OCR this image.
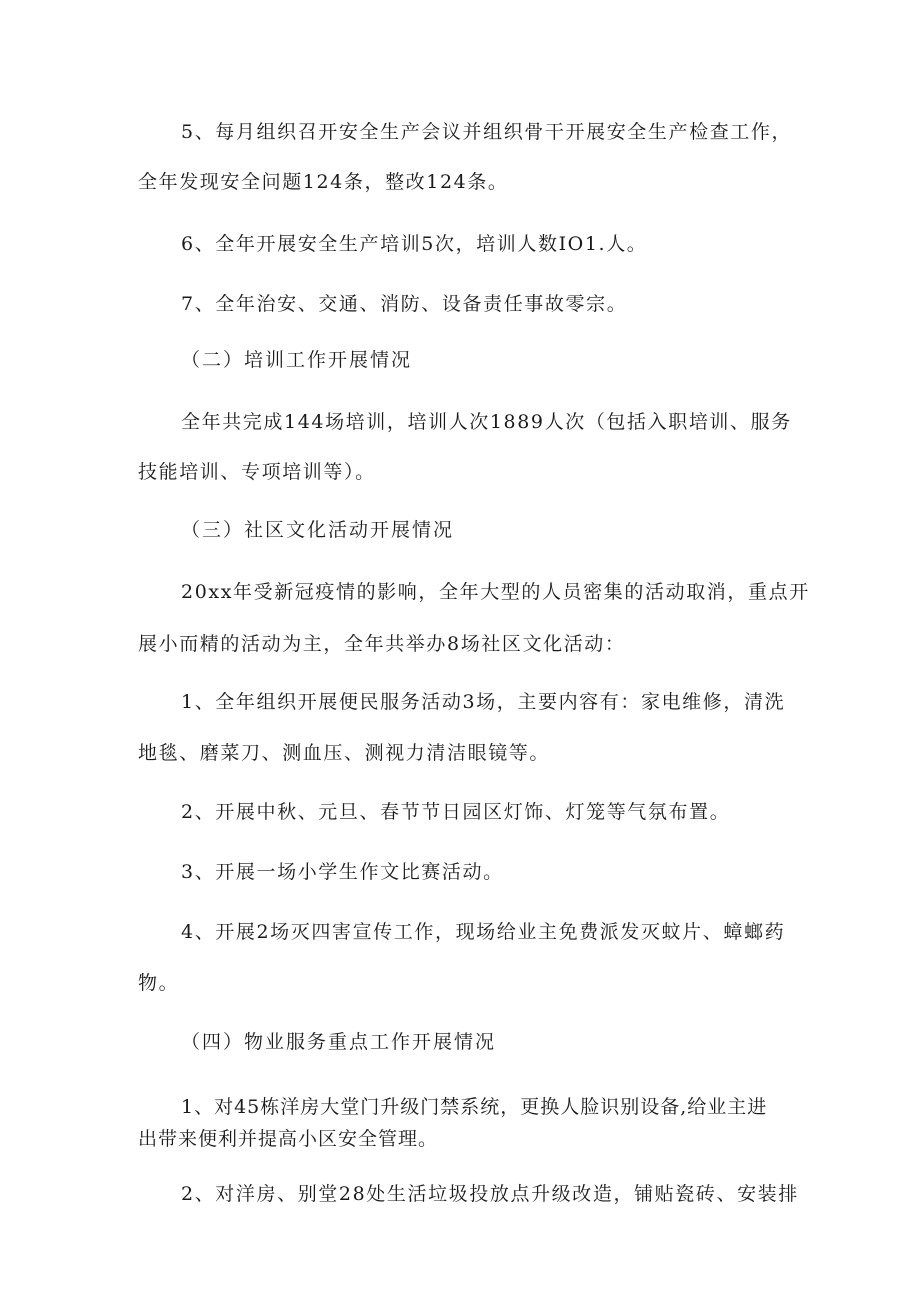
5、每月组织召开安全生产会议并组织骨干开展安全生产检查工作，

全年发现安全问题124条，整改124条。

6、全年开展安全生产培训5次，培训人数IO1.人。

7、全年治安、交通、消防、设备责任事故零宗。

（二）培训工作开展情况

全年共完成144场培训，培训人次1889人次（包括入职培训、服务

技能培训、专项培训等）。

（三）社区文化活动开展情况

20xx年受新冠疫情的影响，全年大型的人员密集的活动取消，重点开

展小而精的活动为主，全年共举办8场社区文化活动：

1、全年组织开展便民服务活动3场，主要内容有：家电维修，清洗

地毯、磨菜刀、测血压、测视力清洁眼镜等。

2、开展中秋、元旦、春节节日园区灯饰、灯笼等气氛布置。

3、开展一场小学生作文比赛活动。

4、开展2场灭四害宣传工作，现场给业主免费派发灭蚊片、蟑螂药

物。

（四）物业服务重点工作开展情况

1、对45栋洋房大堂门升级门禁系统，更换人脸识别设备,给业主进

出带来便利并提高小区安全管理。

2、对洋房、别堂28处生活垃圾投放点升级改造，铺贴瓷砖、安装排
